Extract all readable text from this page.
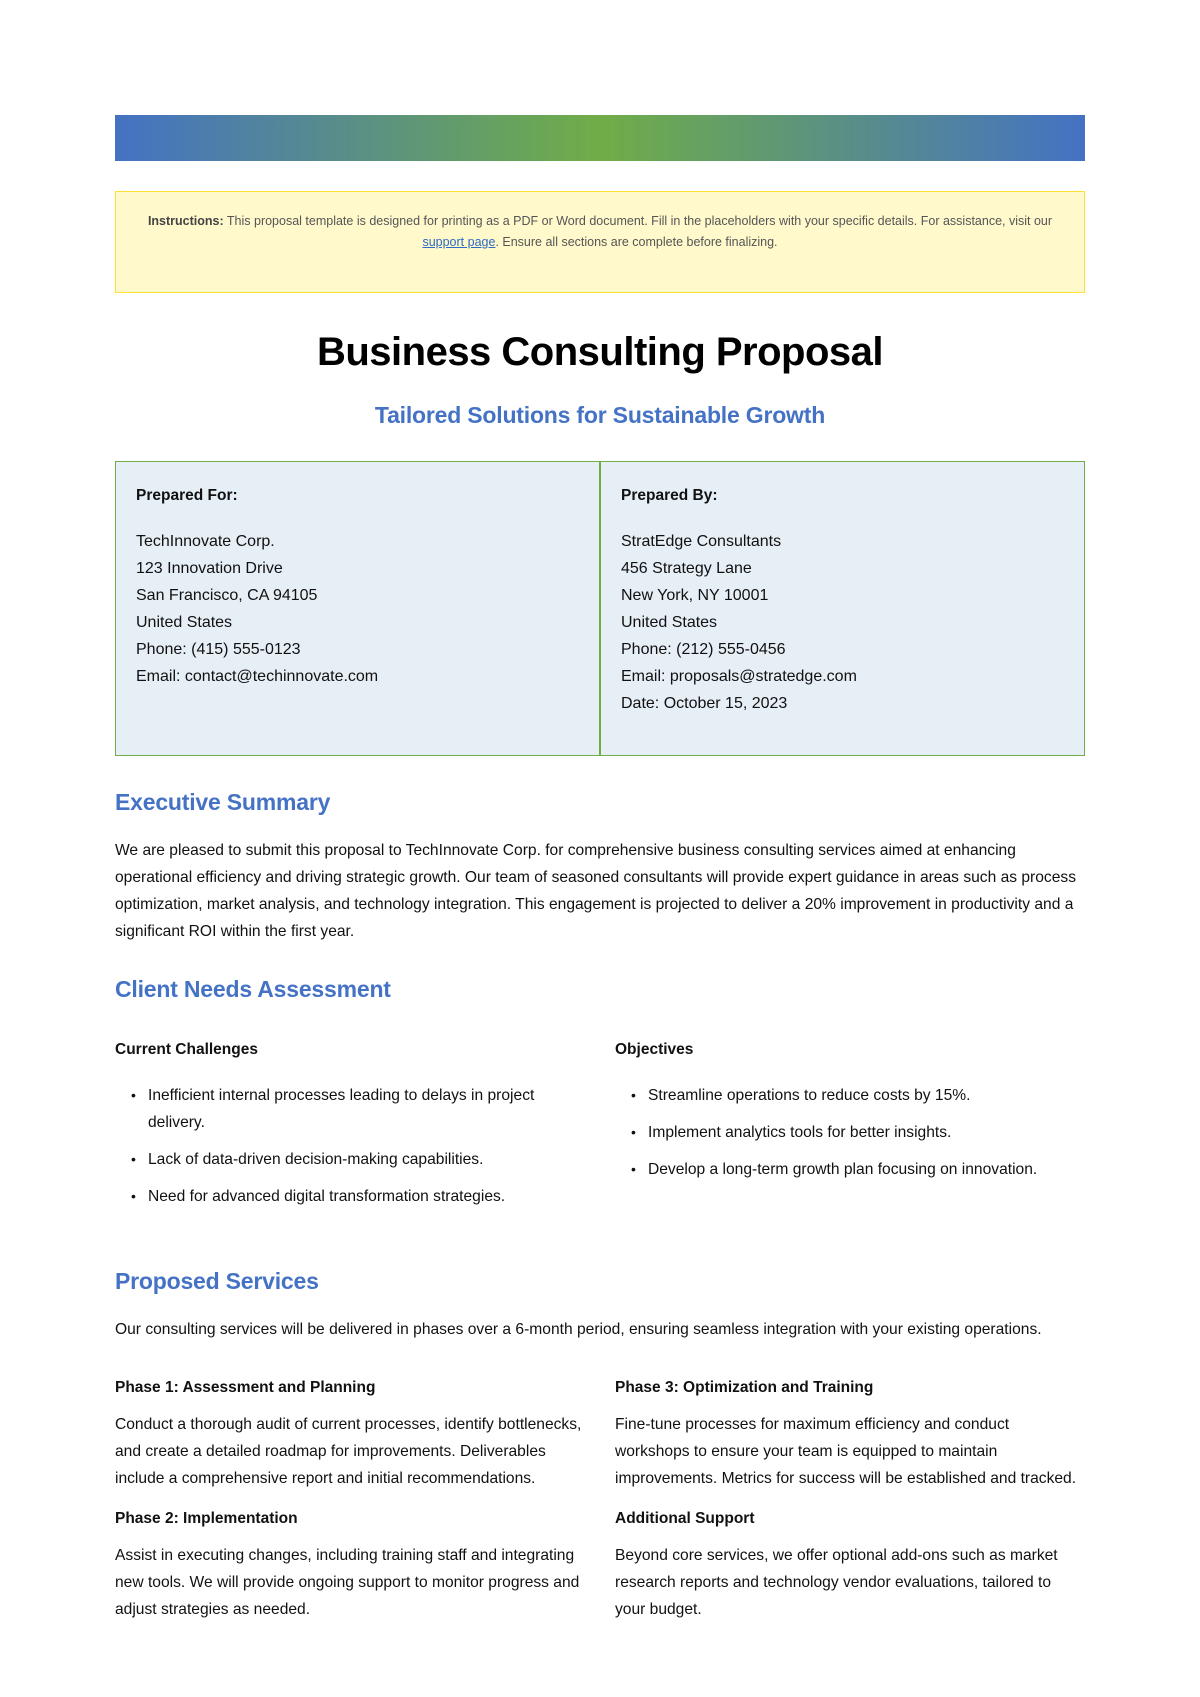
Instructions: This proposal template is designed for printing as a PDF or Word document. Fill in the placeholders with your specific details. For assistance, visit our support page. Ensure all sections are complete before finalizing.
Business Consulting Proposal
Tailored Solutions for Sustainable Growth
Prepared For:
TechInnovate Corp.
123 Innovation Drive
San Francisco, CA 94105
United States
Phone: (415) 555-0123
Email: contact@techinnovate.com
Prepared By:
StratEdge Consultants
456 Strategy Lane
New York, NY 10001
United States
Phone: (212) 555-0456
Email: proposals@stratedge.com
Date: October 15, 2023
Executive Summary

We are pleased to submit this proposal to TechInnovate Corp. for comprehensive business consulting services aimed at enhancing operational efficiency and driving strategic growth. Our team of seasoned consultants will provide expert guidance in areas such as process optimization, market analysis, and technology integration. This engagement is projected to deliver a 20% improvement in productivity and a significant ROI within the first year.

Client Needs Assessment
Current Challenges
• Inefficient internal processes leading to delays in project delivery.
• Lack of data-driven decision-making capabilities.
• Need for advanced digital transformation strategies.
Objectives
• Streamline operations to reduce costs by 15%.
• Implement analytics tools for better insights.
• Develop a long-term growth plan focusing on innovation.
Proposed Services

Our consulting services will be delivered in phases over a 6-month period, ensuring seamless integration with your existing operations.

Phase 1: Assessment and Planning

Conduct a thorough audit of current processes, identify bottlenecks, and create a detailed roadmap for improvements. Deliverables include a comprehensive report and initial recommendations.

Phase 2: Implementation

Assist in executing changes, including training staff and integrating new tools. We will provide ongoing support to monitor progress and adjust strategies as needed.

Phase 3: Optimization and Training

Fine-tune processes for maximum efficiency and conduct workshops to ensure your team is equipped to maintain improvements. Metrics for success will be established and tracked.

Additional Support

Beyond core services, we offer optional add-ons such as market research reports and technology vendor evaluations, tailored to your budget.
